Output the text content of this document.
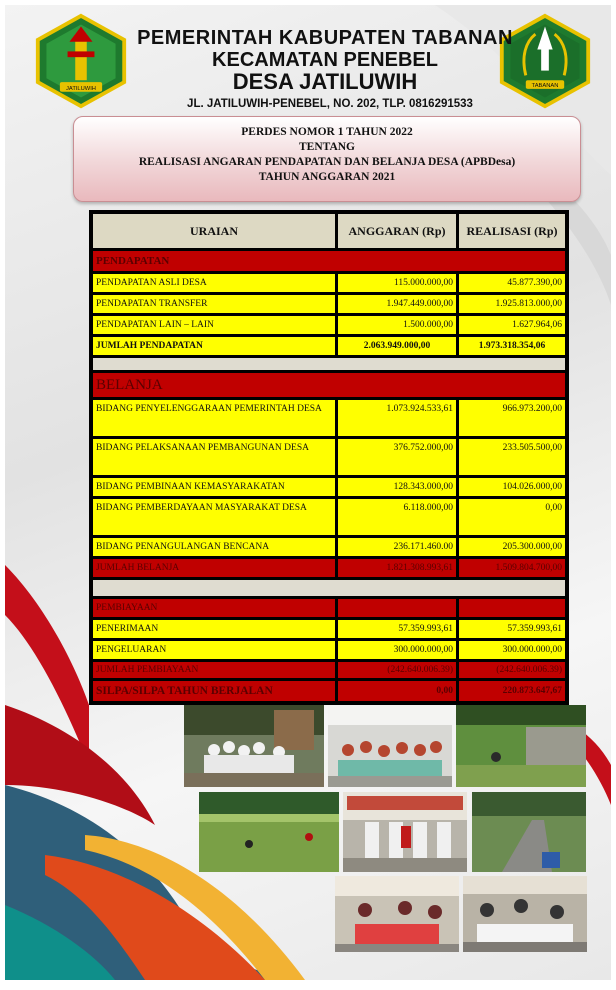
JATILUWIH	TABANAN
PEMERINTAH KABUPATEN TABANAN
KECAMATAN PENEBEL
DESA JATILUWIH
JL. JATILUWIH-PENEBEL, NO. 202, TLP. 0816291533
PERDES NOMOR 1 TAHUN 2022
TENTANG
REALISASI ANGARAN PENDAPATAN DAN BELANJA DESA (APBDesa)
TAHUN ANGGARAN 2021
URAIAN	ANGGARAN (Rp)	REALISASI (Rp)
PENDAPATAN
PENDAPATAN ASLI DESA	115.000.000,00	45.877.390,00
PENDAPATAN TRANSFER	1.947.449.000,00	1.925.813.000,00
PENDAPATAN LAIN – LAIN	1.500.000,00	1.627.964,06
JUMLAH PENDAPATAN	2.063.949.000,00	1.973.318.354,06
BELANJA
BIDANG PENYELENGGARAAN PEMERINTAH DESA	1.073.924.533,61	966.973.200,00
BIDANG PELAKSANAAN PEMBANGUNAN DESA	376.752.000,00	233.505.500,00
BIDANG PEMBINAAN KEMASYARAKATAN	128.343.000,00	104.026.000,00
BIDANG PEMBERDAYAAN MASYARAKAT DESA	6.118.000,00	0,00
BIDANG PENANGULANGAN BENCANA	236.171.460.00	205.300.000,00
JUMLAH BELANJA	1.821.308.993,61	1.509.804.700,00
PEMBIAYAAN
PENERIMAAN	57.359.993,61	57.359.993,61
PENGELUARAN	300.000.000,00	300.000.000,00
JUMLAH PEMBIAYAAN	(242.640.006.39)	(242.640.006.39)
SILPA/SILPA TAHUN BERJALAN	0,00	220.873.647,67
